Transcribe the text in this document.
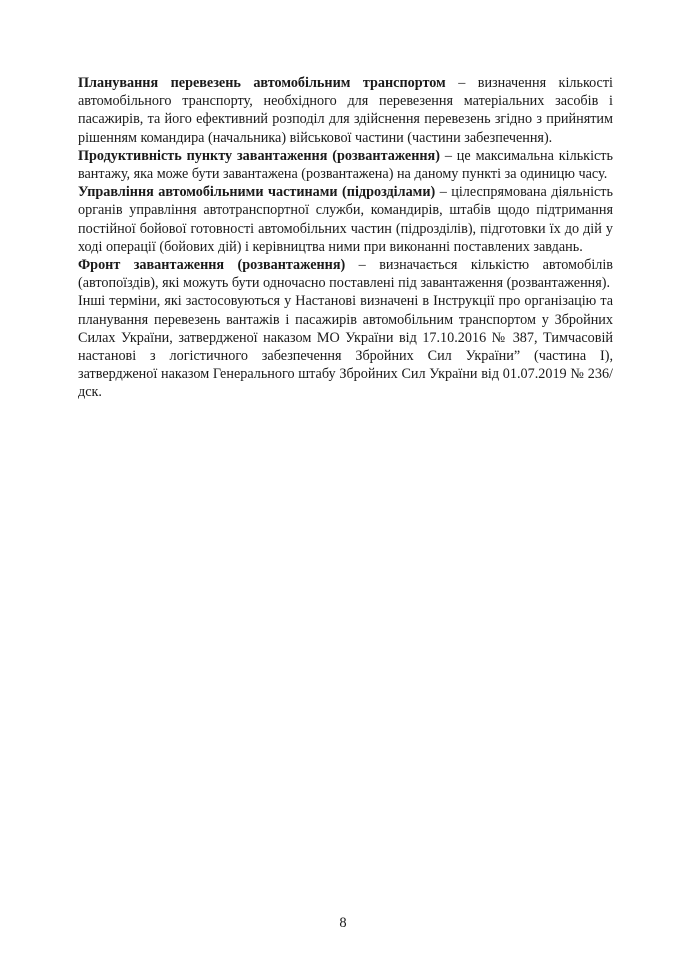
Планування перевезень автомобільним транспортом – визначення кількості автомобільного транспорту, необхідного для перевезення матеріальних засобів і пасажирів, та його ефективний розподіл для здійснення перевезень згідно з прийнятим рішенням командира (начальника) військової частини (частини забезпечення).

Продуктивність пункту завантаження (розвантаження) – це максимальна кількість вантажу, яка може бути завантажена (розвантажена) на даному пункті за одиницю часу.

Управління автомобільними частинами (підрозділами) – цілеспрямована діяльність органів управління автотранспортної служби, командирів, штабів щодо підтримання постійної бойової готовності автомобільних частин (підрозділів), підготовки їх до дій у ході операції (бойових дій) і керівництва ними при виконанні поставлених завдань.

Фронт завантаження (розвантаження) – визначається кількістю автомобілів (автопоїздів), які можуть бути одночасно поставлені під завантаження (розвантаження).

Інші терміни, які застосовуються у Настанові визначені в Інструкції про організацію та планування перевезень вантажів і пасажирів автомобільним транспортом у Збройних Силах України, затвердженої наказом МО України від 17.10.2016 № 387, Тимчасовій настанові з логістичного забезпечення Збройних Сил України” (частина І), затвердженої наказом Генерального штабу Збройних Сил України від 01.07.2019 № 236/дск.

8
